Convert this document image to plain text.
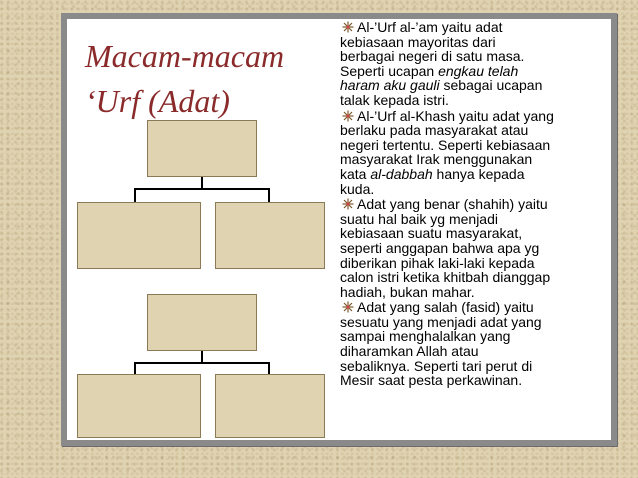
Macam-macam
‘Urf (Adat)
Al-’Urf al-’am yaitu adat
kebiasaan mayoritas dari
berbagai negeri di satu masa.
Seperti ucapan engkau telah
haram aku gauli sebagai ucapan
talak kepada istri.
Al-’Urf al-Khash yaitu adat yang
berlaku pada masyarakat atau
negeri tertentu. Seperti kebiasaan
masyarakat Irak menggunakan
kata al-dabbah hanya kepada
kuda.
Adat yang benar (shahih) yaitu
suatu hal baik yg menjadi
kebiasaan suatu masyarakat,
seperti anggapan bahwa apa yg
diberikan pihak laki-laki kepada
calon istri ketika khitbah dianggap
hadiah, bukan mahar.
Adat yang salah (fasid) yaitu
sesuatu yang menjadi adat yang
sampai menghalalkan yang
diharamkan Allah atau
sebaliknya. Seperti tari perut di
Mesir saat pesta perkawinan.
